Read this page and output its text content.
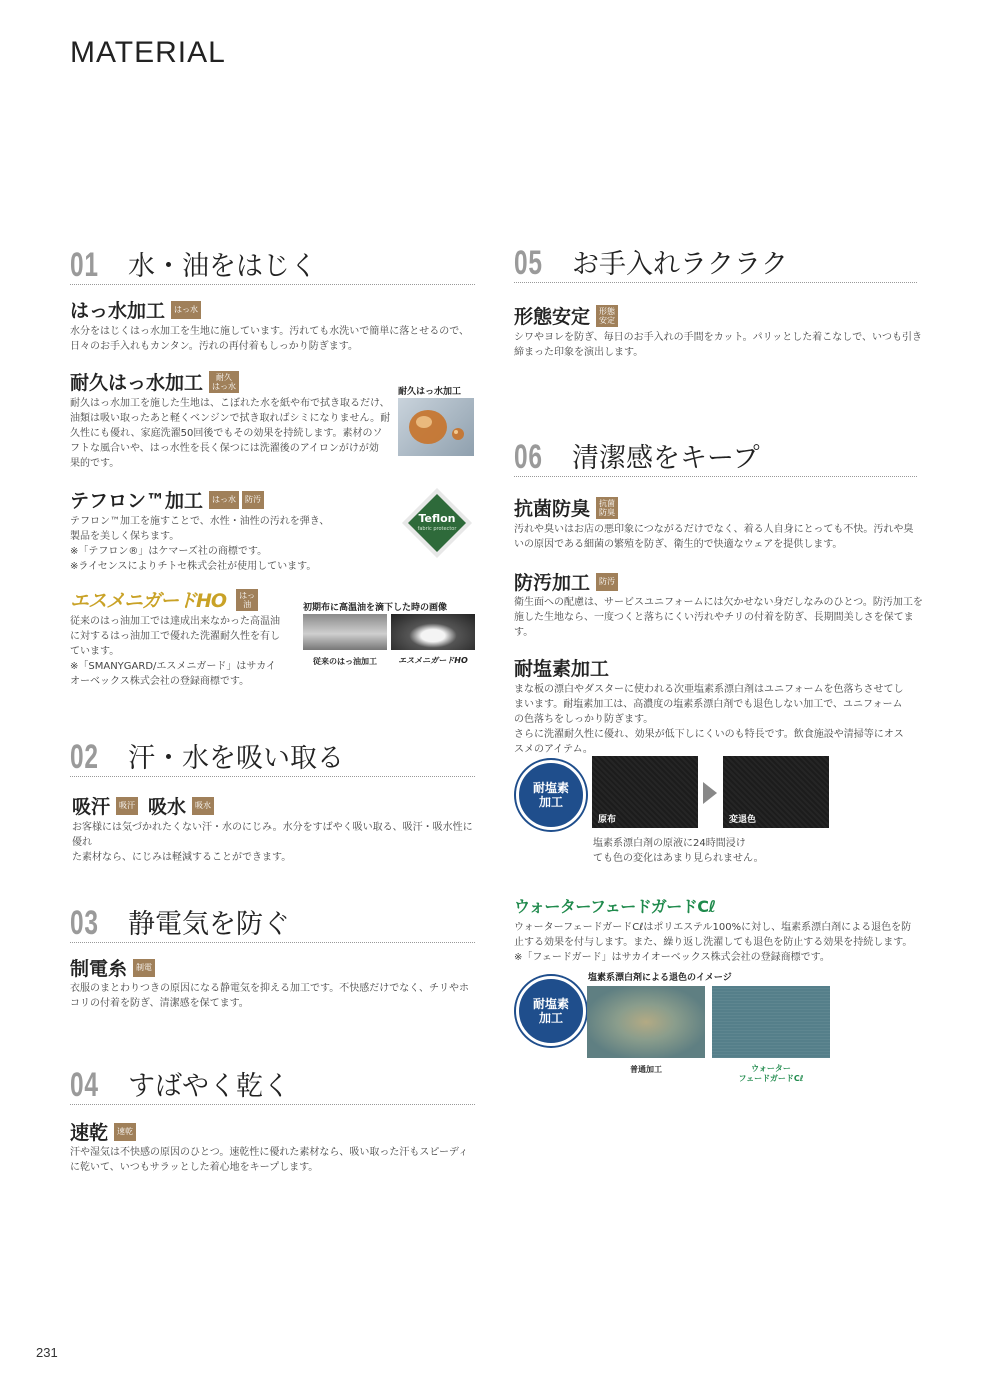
MATERIAL
01 水・油をはじく
はっ水加工	はっ水
水分をはじくはっ水加工を生地に施しています。汚れても水洗いで簡単に落とせるので、
日々のお手入れもカンタン。汚れの再付着もしっかり防ぎます。
耐久はっ水加工	耐久
はっ水
耐久はっ水加工を施した生地は、こぼれた水を紙や布で拭き取るだけ、
油類は吸い取ったあと軽くベンジンで拭き取ればシミになりません。耐
久性にも優れ、家庭洗濯50回後でもその効果を持続します。素材のソ
フトな風合いや、はっ水性を長く保つには洗濯後のアイロンがけが効
果的です。
耐久はっ水加工
テフロン™加工	はっ水	防汚
テフロン™加工を施すことで、水性・油性の汚れを弾き、
製品を美しく保ちます。
※「テフロン®」はケマーズ社の商標です。
※ライセンスによりチトセ株式会社が使用しています。
Teflon
fabric protector
エスメニガードHO	はっ
油
従来のはっ油加工では達成出来なかった高温油
に対するはっ油加工で優れた洗濯耐久性を有し
ています。
※「SMANYGARD/エスメニガード」はサカイ
オーベックス株式会社の登録商標です。
初期布に高温油を滴下した時の画像
従来のはっ油加工	エスメニガードHO
02 汗・水を吸い取る
吸汗	吸汗 吸水	吸水
お客様には気づかれたくない汗・水のにじみ。水分をすばやく吸い取る、吸汗・吸水性に優れ
た素材なら、にじみは軽減することができます。
03 静電気を防ぐ
制電糸	制電
衣服のまとわりつきの原因になる静電気を抑える加工です。不快感だけでなく、チリやホ
コリの付着を防ぎ、清潔感を保てます。
04 すばやく乾く
速乾	速乾
汗や湿気は不快感の原因のひとつ。速乾性に優れた素材なら、吸い取った汗もスピーディ
に乾いて、いつもサラッとした着心地をキープします。
05 お手入れラクラク
形態安定	形態
安定
シワやヨレを防ぎ、毎日のお手入れの手間をカット。パリッとした着こなしで、いつも引き
締まった印象を演出します。
06 清潔感をキープ
抗菌防臭	抗菌
防臭
汚れや臭いはお店の悪印象につながるだけでなく、着る人自身にとっても不快。汚れや臭
いの原因である細菌の繁殖を防ぎ、衛生的で快適なウェアを提供します。
防汚加工	防汚
衛生面への配慮は、サービスユニフォームには欠かせない身だしなみのひとつ。防汚加工を
施した生地なら、一度つくと落ちにくい汚れやチリの付着を防ぎ、長期間美しさを保てます。
耐塩素加工
まな板の漂白やダスターに使われる次亜塩素系漂白剤はユニフォームを色落ちさせてし
まいます。耐塩素加工は、高濃度の塩素系漂白剤でも退色しない加工で、ユニフォーム
の色落ちをしっかり防ぎます。
さらに洗濯耐久性に優れ、効果が低下しにくいのも特長です。飲食施設や清掃等にオス
スメのアイテム。
耐塩素
加工
原布	変退色
塩素系漂白剤の原液に24時間浸け
ても色の変化はあまり見られません。
ウォーターフェードガードCℓ
ウォーターフェードガードCℓはポリエステル100%に対し、塩素系漂白剤による退色を防
止する効果を付与します。また、繰り返し洗濯しても退色を防止する効果を持続します。
※「フェードガード」はサカイオーベックス株式会社の登録商標です。
塩素系漂白剤による退色のイメージ
耐塩素
加工
普通加工	ウォーター
フェードガードCℓ
231
